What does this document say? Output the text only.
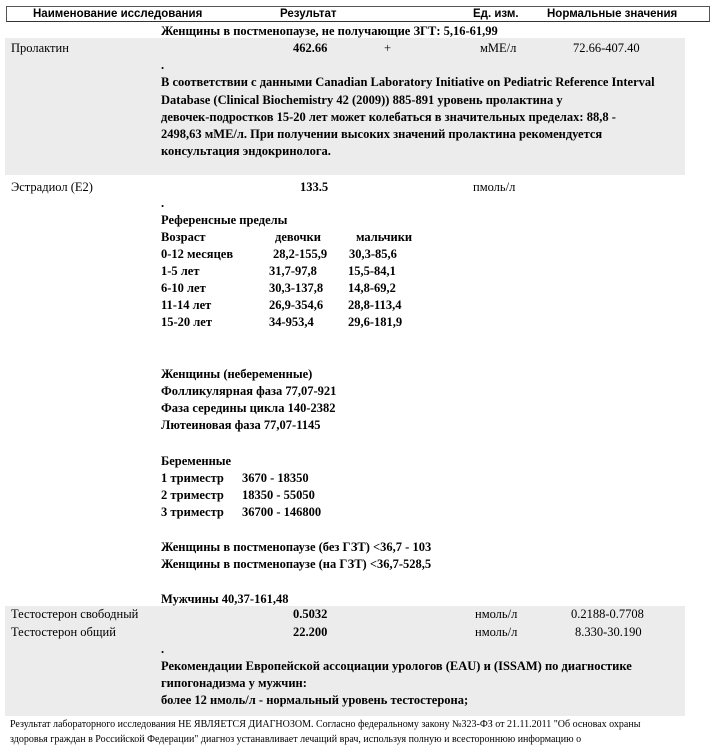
Наименование исследования	Результат	Ед. изм. Нормальные значения
Женщины в постменопаузе, не получающие ЗГТ: 5,16-61,99
Пролактин	462.66	+	мМЕ/л	72.66-407.40
.
В соответствии с данными Canadian Laboratory Initiative on Pediatric Reference Interval
Database (Clinical Biochemistry 42 (2009)) 885-891 уровень пролактина у
девочек-подростков 15-20 лет может колебаться в значительных пределах: 88,8 -
2498,63 мМЕ/л. При получении высоких значений пролактина рекомендуется
консультация эндокринолога.
Эстрадиол (Е2)	133.5	пмоль/л
.
Референсные пределы
Возраст	девочки	мальчики
0-12 месяцев	28,2-155,9 30,3-85,6
1-5 лет	31,7-97,8 15,5-84,1
6-10 лет	30,3-137,8 14,8-69,2
11-14 лет	26,9-354,6 28,8-113,4
15-20 лет	34-953,4	29,6-181,9
Женщины (небеременные)
Фолликулярная фаза 77,07-921
Фаза середины цикла 140-2382
Лютеиновая фаза 77,07-1145
Беременные
1 триместр 3670 - 18350
2 триместр 18350 - 55050
3 триместр 36700 - 146800
Женщины в постменопаузе (без ГЗТ) <36,7 - 103
Женщины в постменопаузе (на ГЗТ) <36,7-528,5
Мужчины 40,37-161,48
Тестостерон свободный	0.5032	нмоль/л	0.2188-0.7708
Тестостерон общий	22.200	нмоль/л	8.330-30.190
.
Рекомендации Европейской ассоциации урологов (EAU) и (ISSAM) по диагностике
гипогонадизма у мужчин:
более 12 нмоль/л - нормальный уровень тестостерона;
Результат лабораторного исследования НЕ ЯВЛЯЕТСЯ ДИАГНОЗОМ. Согласно федеральному закону №323-ФЗ от 21.11.2011 "Об основах охраны
здоровья граждан в Российской Федерации" диагноз устанавливает лечащий врач, используя полную и всестороннюю информацию о
